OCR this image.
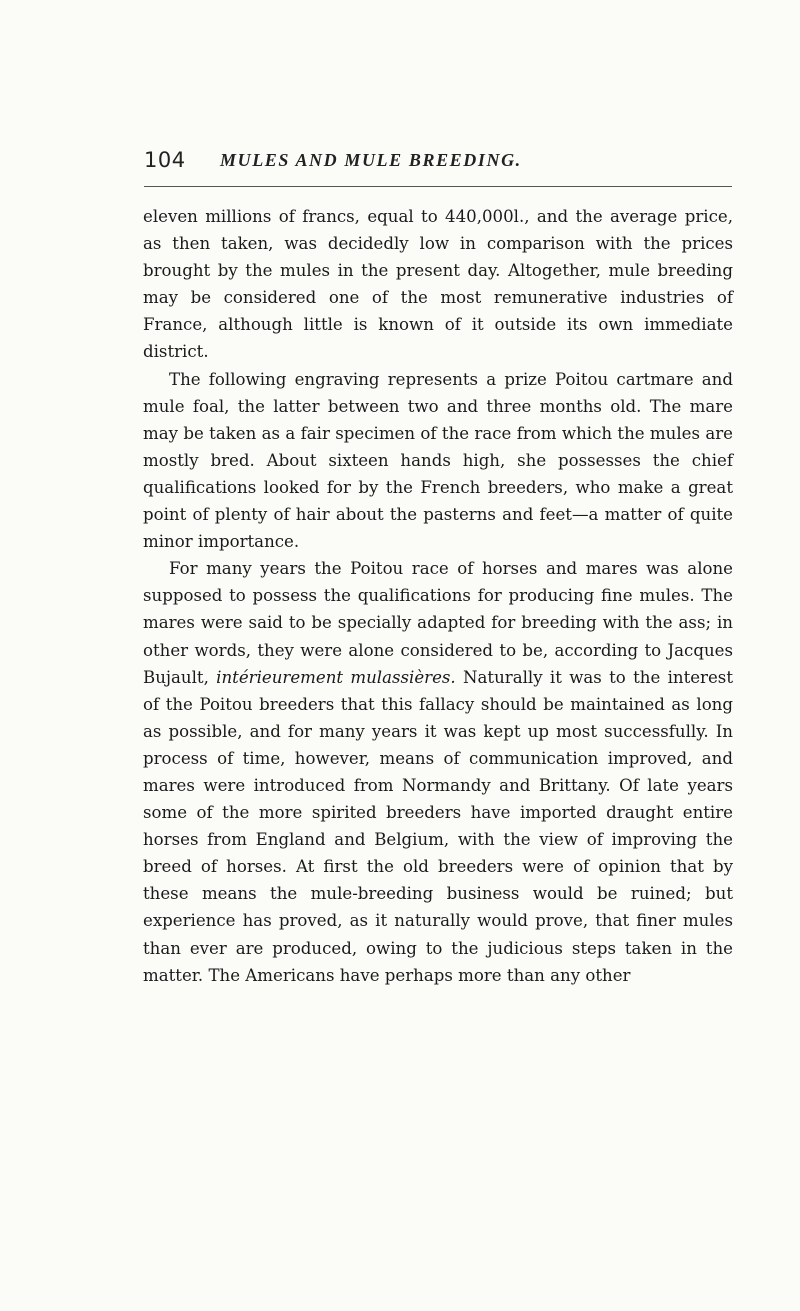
104 MULES AND MULE BREEDING.

eleven millions of francs, equal to 440,000l., and the average price, as then taken, was decidedly low in comparison with the prices brought by the mules in the present day. Altogether, mule breeding may be considered one of the most remunerative industries of France, although little is known of it outside its own immediate district.

The following engraving represents a prize Poitou cartmare and mule foal, the latter between two and three months old. The mare may be taken as a fair specimen of the race from which the mules are mostly bred. About sixteen hands high, she possesses the chief qualifications looked for by the French breeders, who make a great point of plenty of hair about the pasterns and feet—a matter of quite minor importance.

For many years the Poitou race of horses and mares was alone supposed to possess the qualifications for producing fine mules. The mares were said to be specially adapted for breeding with the ass; in other words, they were alone considered to be, according to Jacques Bujault, intérieurement mulassières. Naturally it was to the interest of the Poitou breeders that this fallacy should be maintained as long as possible, and for many years it was kept up most successfully. In process of time, however, means of communication improved, and mares were introduced from Normandy and Brittany. Of late years some of the more spirited breeders have imported draught entire horses from England and Belgium, with the view of improving the breed of horses. At first the old breeders were of opinion that by these means the mule-breeding business would be ruined; but experience has proved, as it naturally would prove, that finer mules than ever are produced, owing to the judicious steps taken in the matter. The Americans have perhaps more than any other
